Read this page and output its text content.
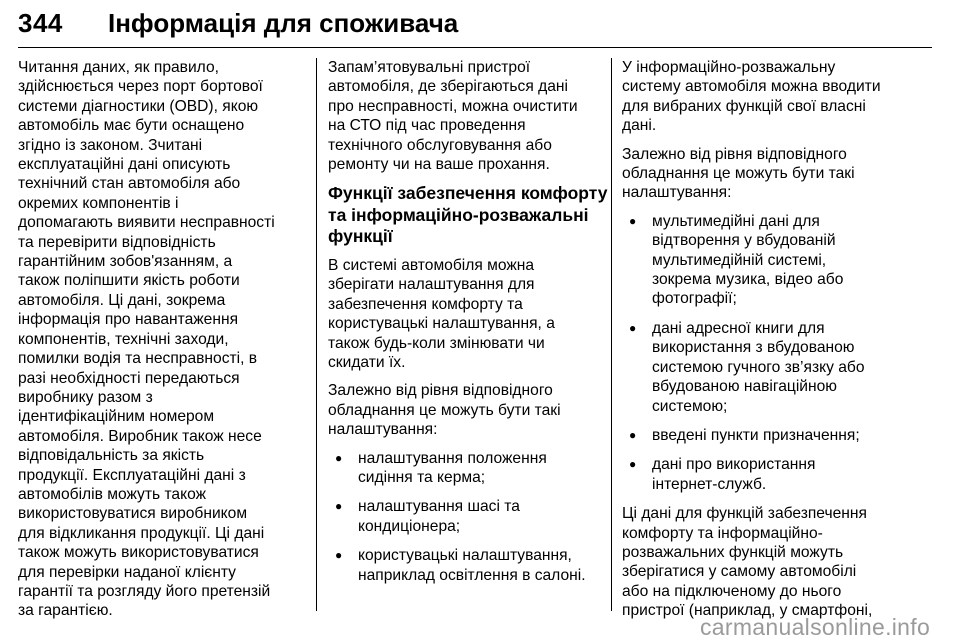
344 Інформація для споживача

Читання даних, як правило,
здійснюється через порт бортової
системи діагностики (OBD), якою
автомобіль має бути оснащено
згідно із законом. Зчитані
експлуатаційні дані описують
технічний стан автомобіля або
окремих компонентів і
допомагають виявити несправності
та перевірити відповідність
гарантійним зобов'язанням, а
також поліпшити якість роботи
автомобіля. Ці дані, зокрема
інформація про навантаження
компонентів, технічні заходи,
помилки водія та несправності, в
разі необхідності передаються
виробнику разом з
ідентифікаційним номером
автомобіля. Виробник також несе
відповідальність за якість
продукції. Експлуатаційні дані з
автомобілів можуть також
використовуватися виробником
для відкликання продукції. Ці дані
також можуть використовуватися
для перевірки наданої клієнту
гарантії та розгляду його претензій
за гарантією.

Запам’ятовувальні пристрої
автомобіля, де зберігаються дані
про несправності, можна очистити
на СТО під час проведення
технічного обслуговування або
ремонту чи на ваше прохання.

Функції забезпечення комфорту
та інформаційно-розважальні
функції

В системі автомобіля можна
зберігати налаштування для
забезпечення комфорту та
користувацькі налаштування, а
також будь-коли змінювати чи
скидати їх.

Залежно від рівня відповідного
обладнання це можуть бути такі
налаштування:

● налаштування положення
сидіння та керма;
● налаштування шасі та
кондиціонера;
● користувацькі налаштування,
наприклад освітлення в салоні.

У інформаційно-розважальну
систему автомобіля можна вводити
для вибраних функцій свої власні
дані.

Залежно від рівня відповідного
обладнання це можуть бути такі
налаштування:

● мультимедійні дані для
відтворення у вбудованій
мультимедійній системі,
зокрема музика, відео або
фотографії;
● дані адресної книги для
використання з вбудованою
системою гучного зв’язку або
вбудованою навігаційною
системою;
● введені пункти призначення;
● дані про використання
інтернет-служб.

Ці дані для функцій забезпечення
комфорту та інформаційно-
розважальних функцій можуть
зберігатися у самому автомобілі
або на підключеному до нього
пристрої (наприклад, у смартфоні,

carmanualsonline.info
